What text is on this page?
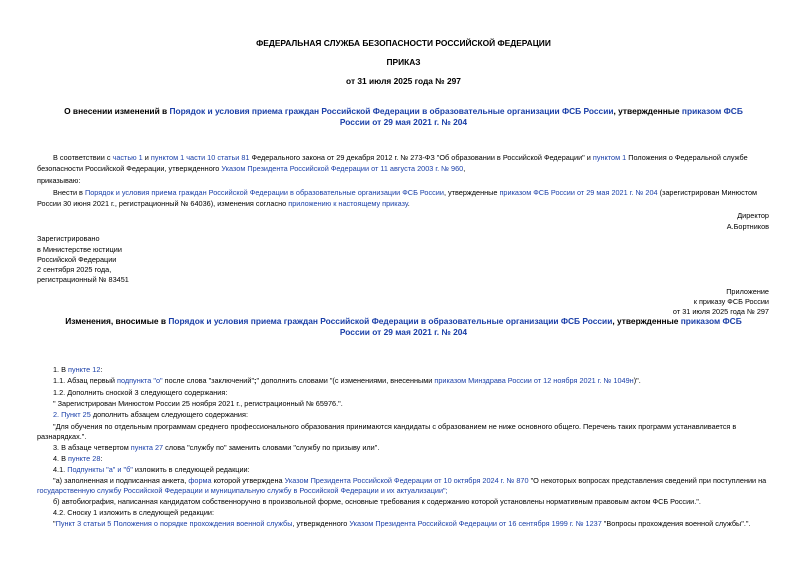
ФЕДЕРАЛЬНАЯ СЛУЖБА БЕЗОПАСНОСТИ РОССИЙСКОЙ ФЕДЕРАЦИИ
ПРИКАЗ
от 31 июля 2025 года № 297
О внесении изменений в Порядок и условия приема граждан Российской Федерации в образовательные организации ФСБ России, утвержденные приказом ФСБ
России от 29 мая 2021 г. № 204
В соответствии с частью 1 и пунктом 1 части 10 статьи 81 Федерального закона от 29 декабря 2012 г. № 273-ФЗ "Об образовании в Российской Федерации" и пунктом 1 Положения о Федеральной службе
безопасности Российской Федерации, утвержденного Указом Президента Российской Федерации от 11 августа 2003 г. № 960,
приказываю:
Внести в Порядок и условия приема граждан Российской Федерации в образовательные организации ФСБ России, утвержденные приказом ФСБ России от 29 мая 2021 г. № 204 (зарегистрирован Минюстом
России 30 июня 2021 г., регистрационный № 64036), изменения согласно приложению к настоящему приказу.
Директор
А.Бортников
Зарегистрировано
в Министерстве юстиции
Российской Федерации
2 сентября 2025 года,
регистрационный № 83451
Приложение
к приказу ФСБ России
от 31 июля 2025 года № 297
Изменения, вносимые в Порядок и условия приема граждан Российской Федерации в образовательные организации ФСБ России, утвержденные приказом ФСБ
России от 29 мая 2021 г. № 204
1. В пункте 12:
1.1. Абзац первый подпункта "о" после слова "заключений";" дополнить словами "(с изменениями, внесенными приказом Минздрава России от 12 ноября 2021 г. № 1049н)".
1.2. Дополнить сноской 3 следующего содержания:
" Зарегистрирован Минюстом России 25 ноября 2021 г., регистрационный № 65976.".
2. Пункт 25 дополнить абзацем следующего содержания:
"Для обучения по отдельным программам среднего профессионального образования принимаются кандидаты с образованием не ниже основного общего. Перечень таких программ устанавливается в
разнарядках.".
3. В абзаце четвертом пункта 27 слова "службу по" заменить словами "службу по призыву или".
4. В пункте 28:
4.1. Подпункты "а" и "б" изложить в следующей редакции:
"а) заполненная и подписанная анкета, форма которой утверждена Указом Президента Российской Федерации от 10 октября 2024 г. № 870 "О некоторых вопросах представления сведений при поступлении на
государственную службу Российской Федерации и муниципальную службу в Российской Федерации и их актуализации";
б) автобиография, написанная кандидатом собственноручно в произвольной форме, основные требования к содержанию которой установлены нормативным правовым актом ФСБ России.".
4.2. Сноску 1 изложить в следующей редакции:
"Пункт 3 статьи 5 Положения о порядке прохождения военной службы, утвержденного Указом Президента Российской Федерации от 16 сентября 1999 г. № 1237 "Вопросы прохождения военной службы".".
